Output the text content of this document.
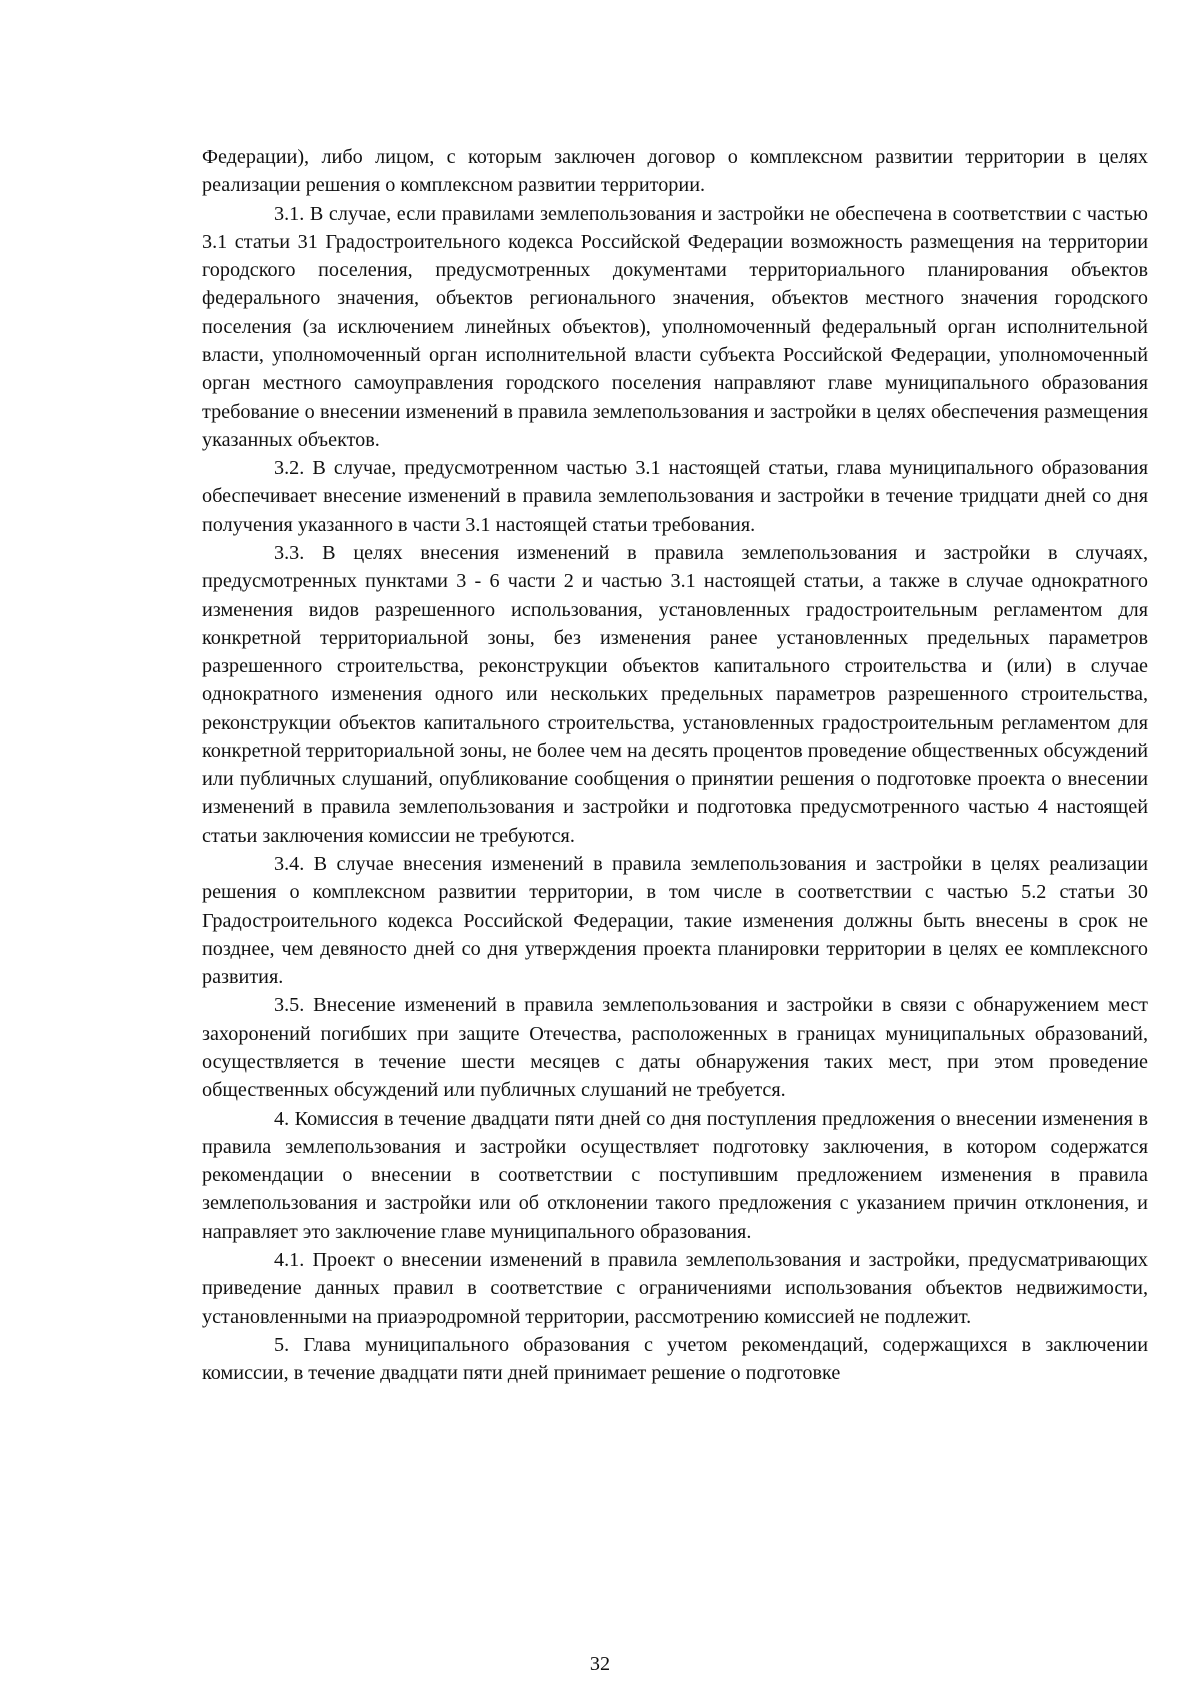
Федерации), либо лицом, с которым заключен договор о комплексном развитии территории в целях реализации решения о комплексном развитии территории.

3.1. В случае, если правилами землепользования и застройки не обеспечена в соответствии с частью 3.1 статьи 31 Градостроительного кодекса Российской Федерации возможность размещения на территории городского поселения, предусмотренных документами территориального планирования объектов федерального значения, объектов регионального значения, объектов местного значения городского поселения (за исключением линейных объектов), уполномоченный федеральный орган исполнительной власти, уполномоченный орган исполнительной власти субъекта Российской Федерации, уполномоченный орган местного самоуправления городского поселения направляют главе муниципального образования требование о внесении изменений в правила землепользования и застройки в целях обеспечения размещения указанных объектов.

3.2. В случае, предусмотренном частью 3.1 настоящей статьи, глава муниципального образования обеспечивает внесение изменений в правила землепользования и застройки в течение тридцати дней со дня получения указанного в части 3.1 настоящей статьи требования.

3.3. В целях внесения изменений в правила землепользования и застройки в случаях, предусмотренных пунктами 3 - 6 части 2 и частью 3.1 настоящей статьи, а также в случае однократного изменения видов разрешенного использования, установленных градостроительным регламентом для конкретной территориальной зоны, без изменения ранее установленных предельных параметров разрешенного строительства, реконструкции объектов капитального строительства и (или) в случае однократного изменения одного или нескольких предельных параметров разрешенного строительства, реконструкции объектов капитального строительства, установленных градостроительным регламентом для конкретной территориальной зоны, не более чем на десять процентов проведение общественных обсуждений или публичных слушаний, опубликование сообщения о принятии решения о подготовке проекта о внесении изменений в правила землепользования и застройки и подготовка предусмотренного частью 4 настоящей статьи заключения комиссии не требуются.

3.4. В случае внесения изменений в правила землепользования и застройки в целях реализации решения о комплексном развитии территории, в том числе в соответствии с частью 5.2 статьи 30 Градостроительного кодекса Российской Федерации, такие изменения должны быть внесены в срок не позднее, чем девяносто дней со дня утверждения проекта планировки территории в целях ее комплексного развития.

3.5. Внесение изменений в правила землепользования и застройки в связи с обнаружением мест захоронений погибших при защите Отечества, расположенных в границах муниципальных образований, осуществляется в течение шести месяцев с даты обнаружения таких мест, при этом проведение общественных обсуждений или публичных слушаний не требуется.

4. Комиссия в течение двадцати пяти дней со дня поступления предложения о внесении изменения в правила землепользования и застройки осуществляет подготовку заключения, в котором содержатся рекомендации о внесении в соответствии с поступившим предложением изменения в правила землепользования и застройки или об отклонении такого предложения с указанием причин отклонения, и направляет это заключение главе муниципального образования.

4.1. Проект о внесении изменений в правила землепользования и застройки, предусматривающих приведение данных правил в соответствие с ограничениями использования объектов недвижимости, установленными на приаэродромной территории, рассмотрению комиссией не подлежит.

5. Глава муниципального образования с учетом рекомендаций, содержащихся в заключении комиссии, в течение двадцати пяти дней принимает решение о подготовке

32
